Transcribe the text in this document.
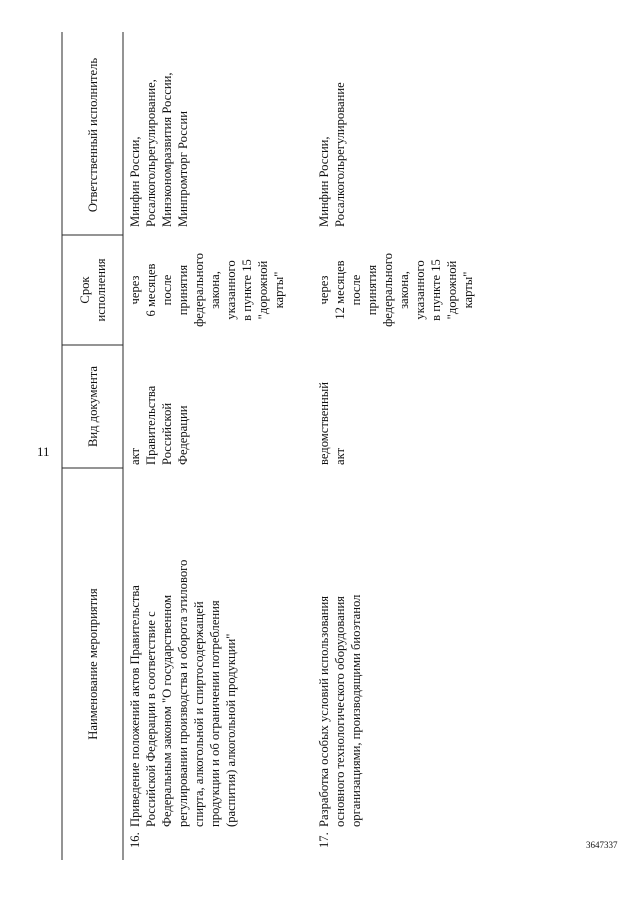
11
3647337
Наименование мероприятия
Вид документа
Срок исполнения
Ответственный исполнитель
16.
Приведение положений актов Правительства Российской Федерации в соответствие с Федеральным законом "О государственном регулировании производства и оборота этилового спирта, алкогольной и спиртосодержащей продукции и об ограничении потребления (распития) алкогольной продукции"
акт Правительства Российской Федерации
через 6 месяцев после принятия федерального закона, указанного в пункте 15 "дорожной карты"
Минфин России, Росалкогольрегулирование, Минэкономразвития России, Минпромторг России
17.
Разработка особых условий использования основного технологического оборудования организациями, производящими биоэтанол
ведомственный акт
через 12 месяцев после принятия федерального закона, указанного в пункте 15 "дорожной карты"
Минфин России, Росалкогольрегулирование
